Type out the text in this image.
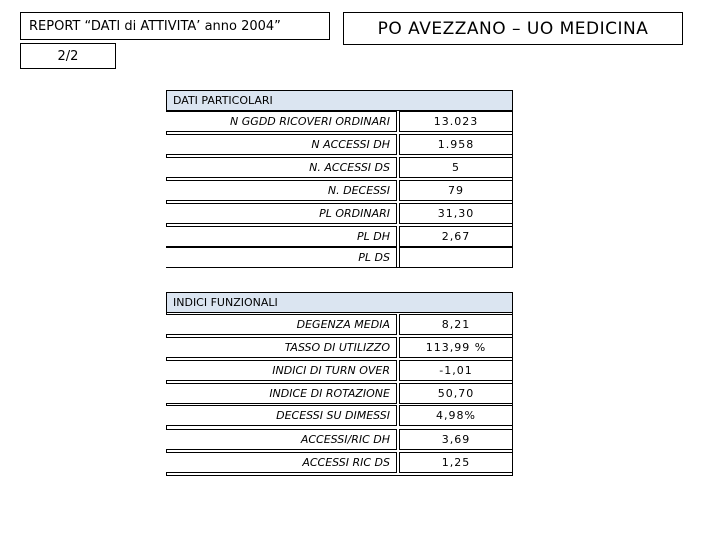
REPORT “DATI di ATTIVITA’ anno 2004”	PO AVEZZANO – UO MEDICINA
2/2
DATI PARTICOLARI
N GGDD RICOVERI ORDINARI	13.023
N ACCESSI DH	1.958
N. ACCESSI DS	5
N. DECESSI	79
PL ORDINARI	31,30
PL DH	2,67
PL DS
INDICI FUNZIONALI
DEGENZA MEDIA	8,21
TASSO DI UTILIZZO	113,99 %
INDICI DI TURN OVER	-1,01
INDICE DI ROTAZIONE	50,70
DECESSI SU DIMESSI	4,98%
ACCESSI/RIC DH	3,69
ACCESSI RIC DS	1,25
